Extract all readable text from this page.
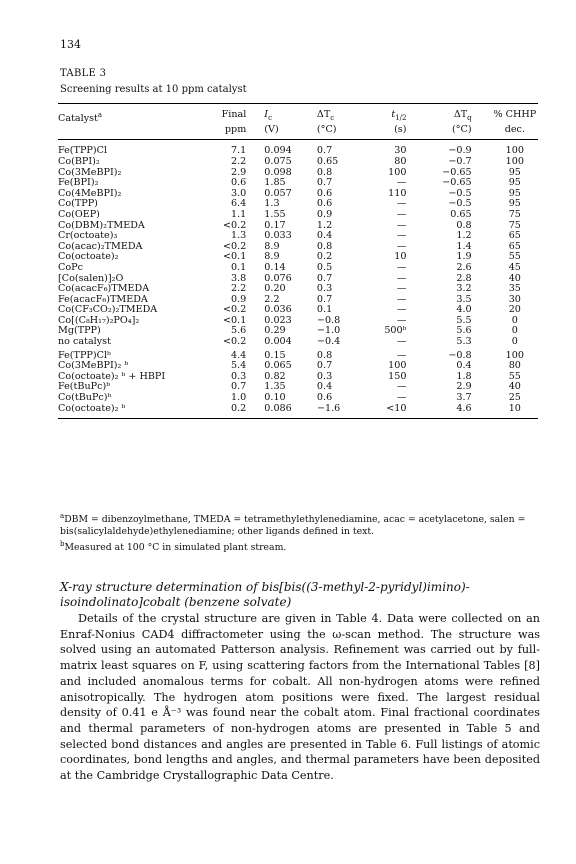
134
TABLE 3
Screening results at 10 ppm catalyst

Catalyst$^a$	Final	$I_c$	$\Delta T_c$	$t_{1/2}$	$\Delta T_q$	% CHHP
	ppm	(V)	(°C)	(s)	(°C)	dec.
Fe(TPP)Cl	7.1	0.094	0.7	30	−0.9	100
Co(BPI)₂	2.2	0.075	0.65	80	−0.7	100
Co(3MeBPI)₂	2.9	0.098	0.8	100	−0.65	95
Fe(BPI)₂	0.6	1.85	0.7	—	−0.65	95
Co(4MeBPI)₂	3.0	0.057	0.6	110	−0.5	95
Co(TPP)	6.4	1.3	0.6	—	−0.5	95
Co(OEP)	1.1	1.55	0.9	—	0.65	75
Co(DBM)₂TMEDA	<0.2	0.17	1.2	—	0.8	75
Cr(octoate)₃	1.3	0.033	0.4	—	1.2	65
Co(acac)₂TMEDA	<0.2	8.9	0.8	—	1.4	65
Co(octoate)₂	<0.1	8.9	0.2	10	1.9	55
CoPc	0.1	0.14	0.5	—	2.6	45
[Co(salen)]₂O	3.8	0.076	0.7	—	2.8	40
Co(acacF₆)TMEDA	2.2	0.20	0.3	—	3.2	35
Fe(acacF₆)TMEDA	0.9	2.2	0.7	—	3.5	30
Co(CF₃CO₂)₂TMEDA	<0.2	0.036	0.1	—	4.0	20
Co[(C₈H₁₇)₂PO₄]₂	<0.1	0.023	−0.8	—	5.5	0
Mg(TPP)	5.6	0.29	−1.0	500ᵇ	5.6	0
no catalyst	<0.2	0.004	−0.4	—	5.3	0
Fe(TPP)Clᵇ	4.4	0.15	0.8	—	−0.8	100
Co(3MeBPI)₂ ᵇ	5.4	0.065	0.7	100	0.4	80
Co(octoate)₂ ᵇ + HBPI	0.3	0.82	0.3	150	1.8	55
Fe(tBuPc)ᵇ	0.7	1.35	0.4	—	2.9	40
Co(tBuPc)ᵇ	1.0	0.10	0.6	—	3.7	25
Co(octoate)₂ ᵇ	0.2	0.086	−1.6	<10	4.6	10

$^a$DBM = dibenzoylmethane, TMEDA = tetramethylethylenediamine, acac = acetylacetone, salen = bis(salicylaldehyde)ethylenediamine; other ligands defined in text.

$^b$Measured at 100 °C in simulated plant stream.

X-ray structure determination of bis[bis((3-methyl-2-pyridyl)imino)-isoindolinato]cobalt (benzene solvate)

Details of the crystal structure are given in Table 4. Data were collected on an Enraf-Nonius CAD4 diffractometer using the ω-scan method. The structure was solved using an automated Patterson analysis. Refinement was carried out by full-matrix least squares on F, using scattering factors from the International Tables [8] and included anomalous terms for cobalt. All non-hydrogen atoms were refined anisotropically. The hydrogen atom positions were fixed. The largest residual density of 0.41 e Å⁻³ was found near the cobalt atom. Final fractional coordinates and thermal parameters of non-hydrogen atoms are presented in Table 5 and selected bond distances and angles are presented in Table 6. Full listings of atomic coordinates, bond lengths and angles, and thermal parameters have been deposited at the Cambridge Crystallographic Data Centre.
